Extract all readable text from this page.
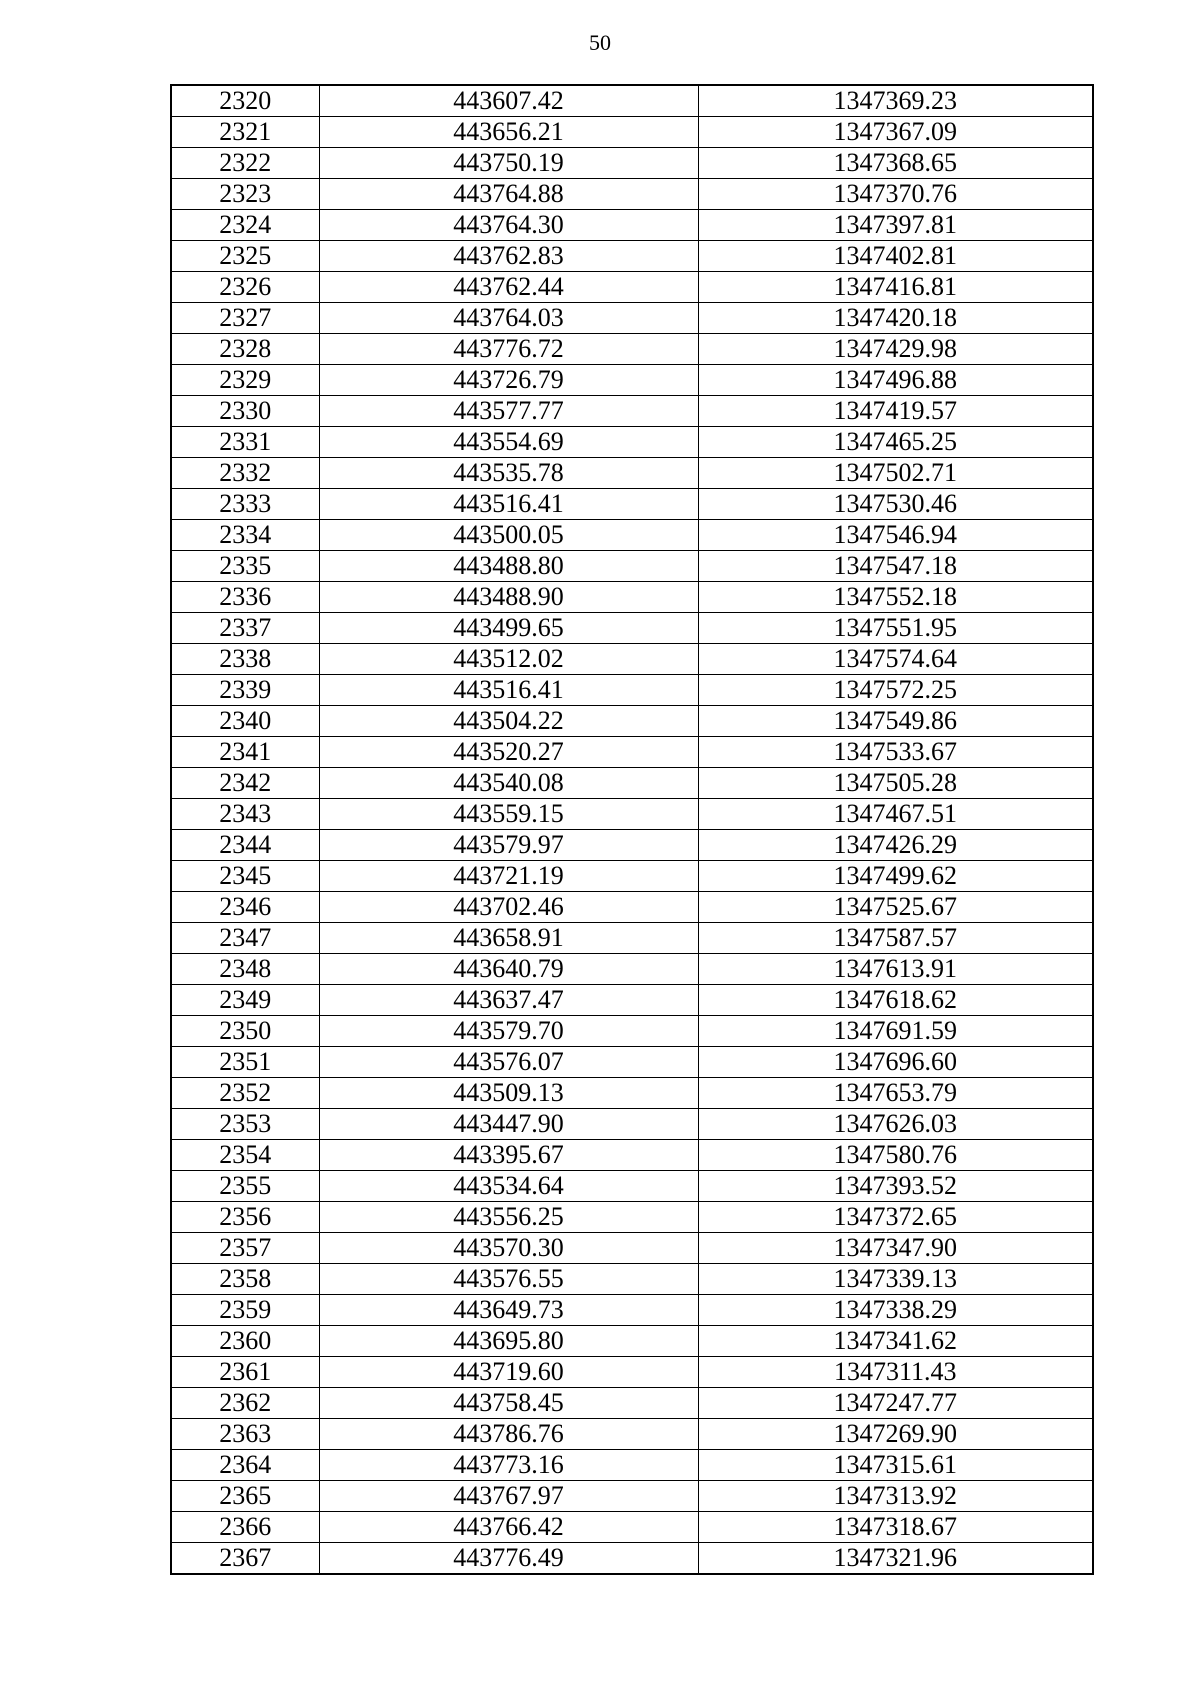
50
2320	443607.42	1347369.23
2321	443656.21	1347367.09
2322	443750.19	1347368.65
2323	443764.88	1347370.76
2324	443764.30	1347397.81
2325	443762.83	1347402.81
2326	443762.44	1347416.81
2327	443764.03	1347420.18
2328	443776.72	1347429.98
2329	443726.79	1347496.88
2330	443577.77	1347419.57
2331	443554.69	1347465.25
2332	443535.78	1347502.71
2333	443516.41	1347530.46
2334	443500.05	1347546.94
2335	443488.80	1347547.18
2336	443488.90	1347552.18
2337	443499.65	1347551.95
2338	443512.02	1347574.64
2339	443516.41	1347572.25
2340	443504.22	1347549.86
2341	443520.27	1347533.67
2342	443540.08	1347505.28
2343	443559.15	1347467.51
2344	443579.97	1347426.29
2345	443721.19	1347499.62
2346	443702.46	1347525.67
2347	443658.91	1347587.57
2348	443640.79	1347613.91
2349	443637.47	1347618.62
2350	443579.70	1347691.59
2351	443576.07	1347696.60
2352	443509.13	1347653.79
2353	443447.90	1347626.03
2354	443395.67	1347580.76
2355	443534.64	1347393.52
2356	443556.25	1347372.65
2357	443570.30	1347347.90
2358	443576.55	1347339.13
2359	443649.73	1347338.29
2360	443695.80	1347341.62
2361	443719.60	1347311.43
2362	443758.45	1347247.77
2363	443786.76	1347269.90
2364	443773.16	1347315.61
2365	443767.97	1347313.92
2366	443766.42	1347318.67
2367	443776.49	1347321.96
